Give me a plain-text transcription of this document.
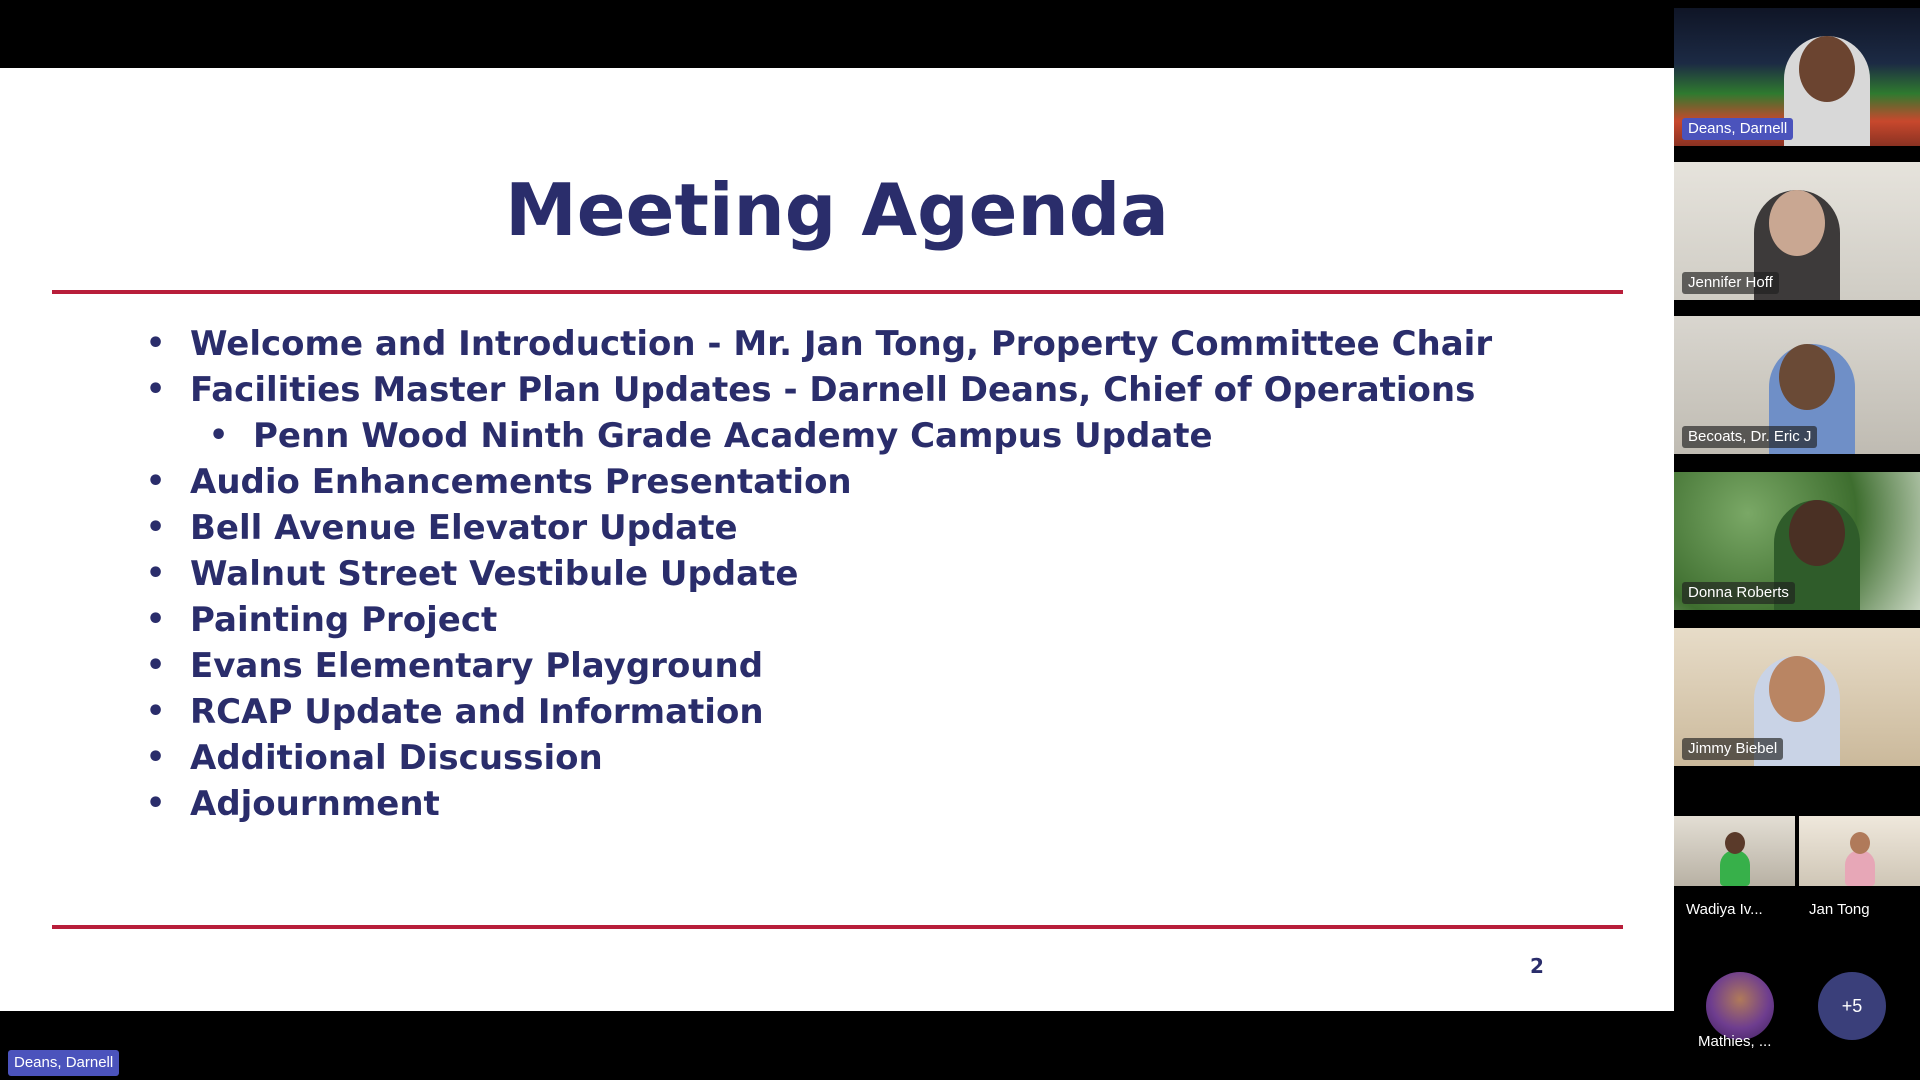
Meeting Agenda
• Welcome and Introduction - Mr. Jan Tong, Property Committee Chair
• Facilities Master Plan Updates - Darnell Deans, Chief of Operations
• Penn Wood Ninth Grade Academy Campus Update
• Audio Enhancements Presentation
• Bell Avenue Elevator Update
• Walnut Street Vestibule Update
• Painting Project
• Evans Elementary Playground
• RCAP Update and Information
• Additional Discussion
• Adjournment
2
Deans, Darnell
Deans, Darnell
Jennifer Hoff
Becoats, Dr. Eric J
Donna Roberts
Jimmy Biebel
Wadiya Iv...	Jan Tong
Mathies, ...
+5
